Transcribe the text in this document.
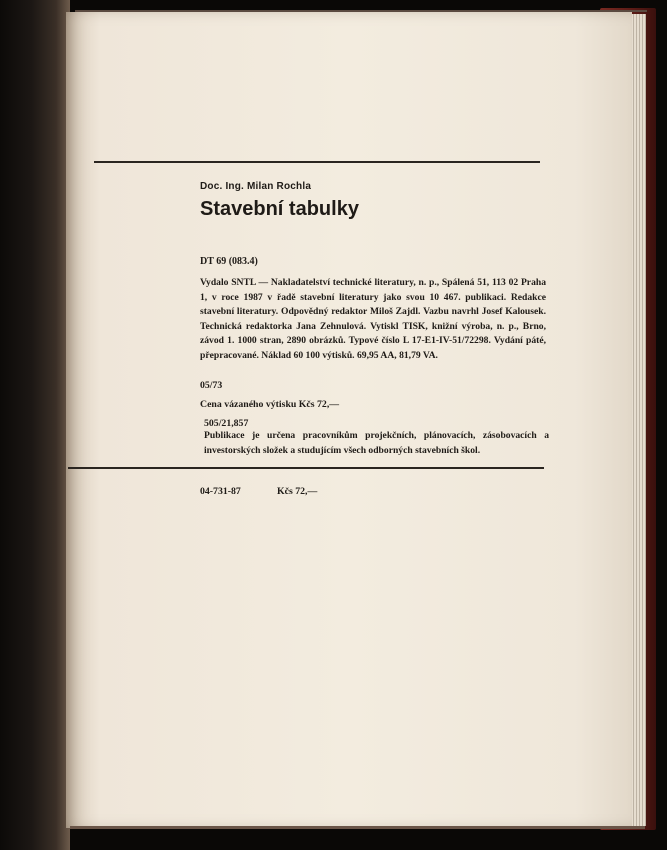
Doc. Ing. Milan Rochla

Stavební tabulky

DT 69 (083.4)

Vydalo SNTL — Nakladatelství technické literatury, n. p., Spálená 51, 113 02 Praha 1, v roce 1987 v řadě stavební literatury jako svou 10 467. publikaci. Redakce stavební literatury. Odpovědný redaktor Miloš Zajdl. Vazbu navrhl Josef Kalousek. Technická redaktorka Jana Zehnulová. Vytiskl TISK, knižní výroba, n. p., Brno, závod 1. 1000 stran, 2890 obrázků. Typové číslo L 17-E1-IV-51/72298. Vydání páté, přepracované. Náklad 60 100 výtisků. 69,95 AA, 81,79 VA.

05/73

Cena vázaného výtisku Kčs 72,—

505/21,857

Publikace je určena pracovníkům projekčních, plánovacích, zásobovacích a investorských složek a studujícím všech odborných stavebních škol.

04-731-87	Kčs 72,—
